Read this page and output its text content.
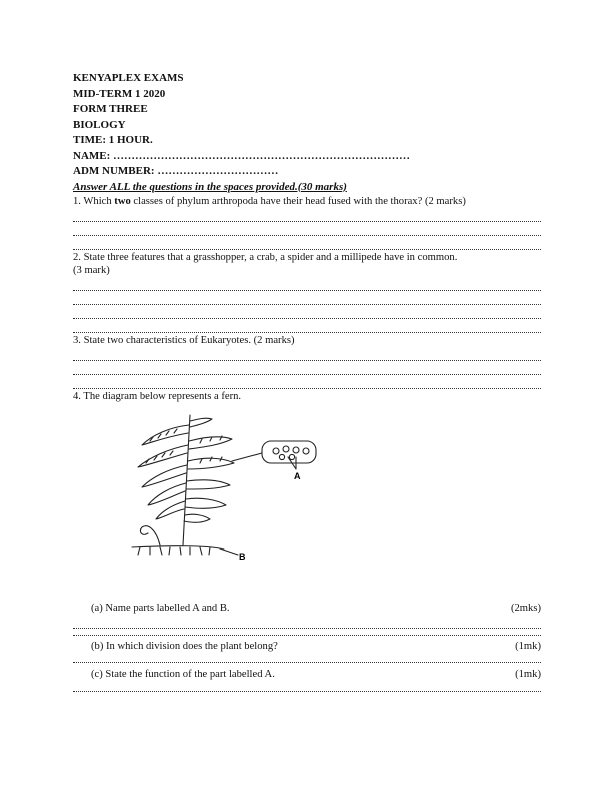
KENYAPLEX EXAMS
MID-TERM 1 2020
FORM THREE
BIOLOGY
TIME: 1 HOUR.
NAME: ………………………………………………………………………
ADM NUMBER: ……………………………
Answer ALL the questions in the spaces provided.(30 marks)
1. Which two classes of phylum arthropoda have their head fused with the thorax? (2 marks)
2. State three features that a grasshopper, a crab, a spider and a millipede have in common.
(3 mark)
3. State two characteristics of Eukaryotes. (2 marks)
4. The diagram below represents a fern.
(a) Name parts labelled A and B.	(2mks)
(b) In which division does the plant belong?	(1mk)
(c) State the function of the part labelled A.	(1mk)
A
B
